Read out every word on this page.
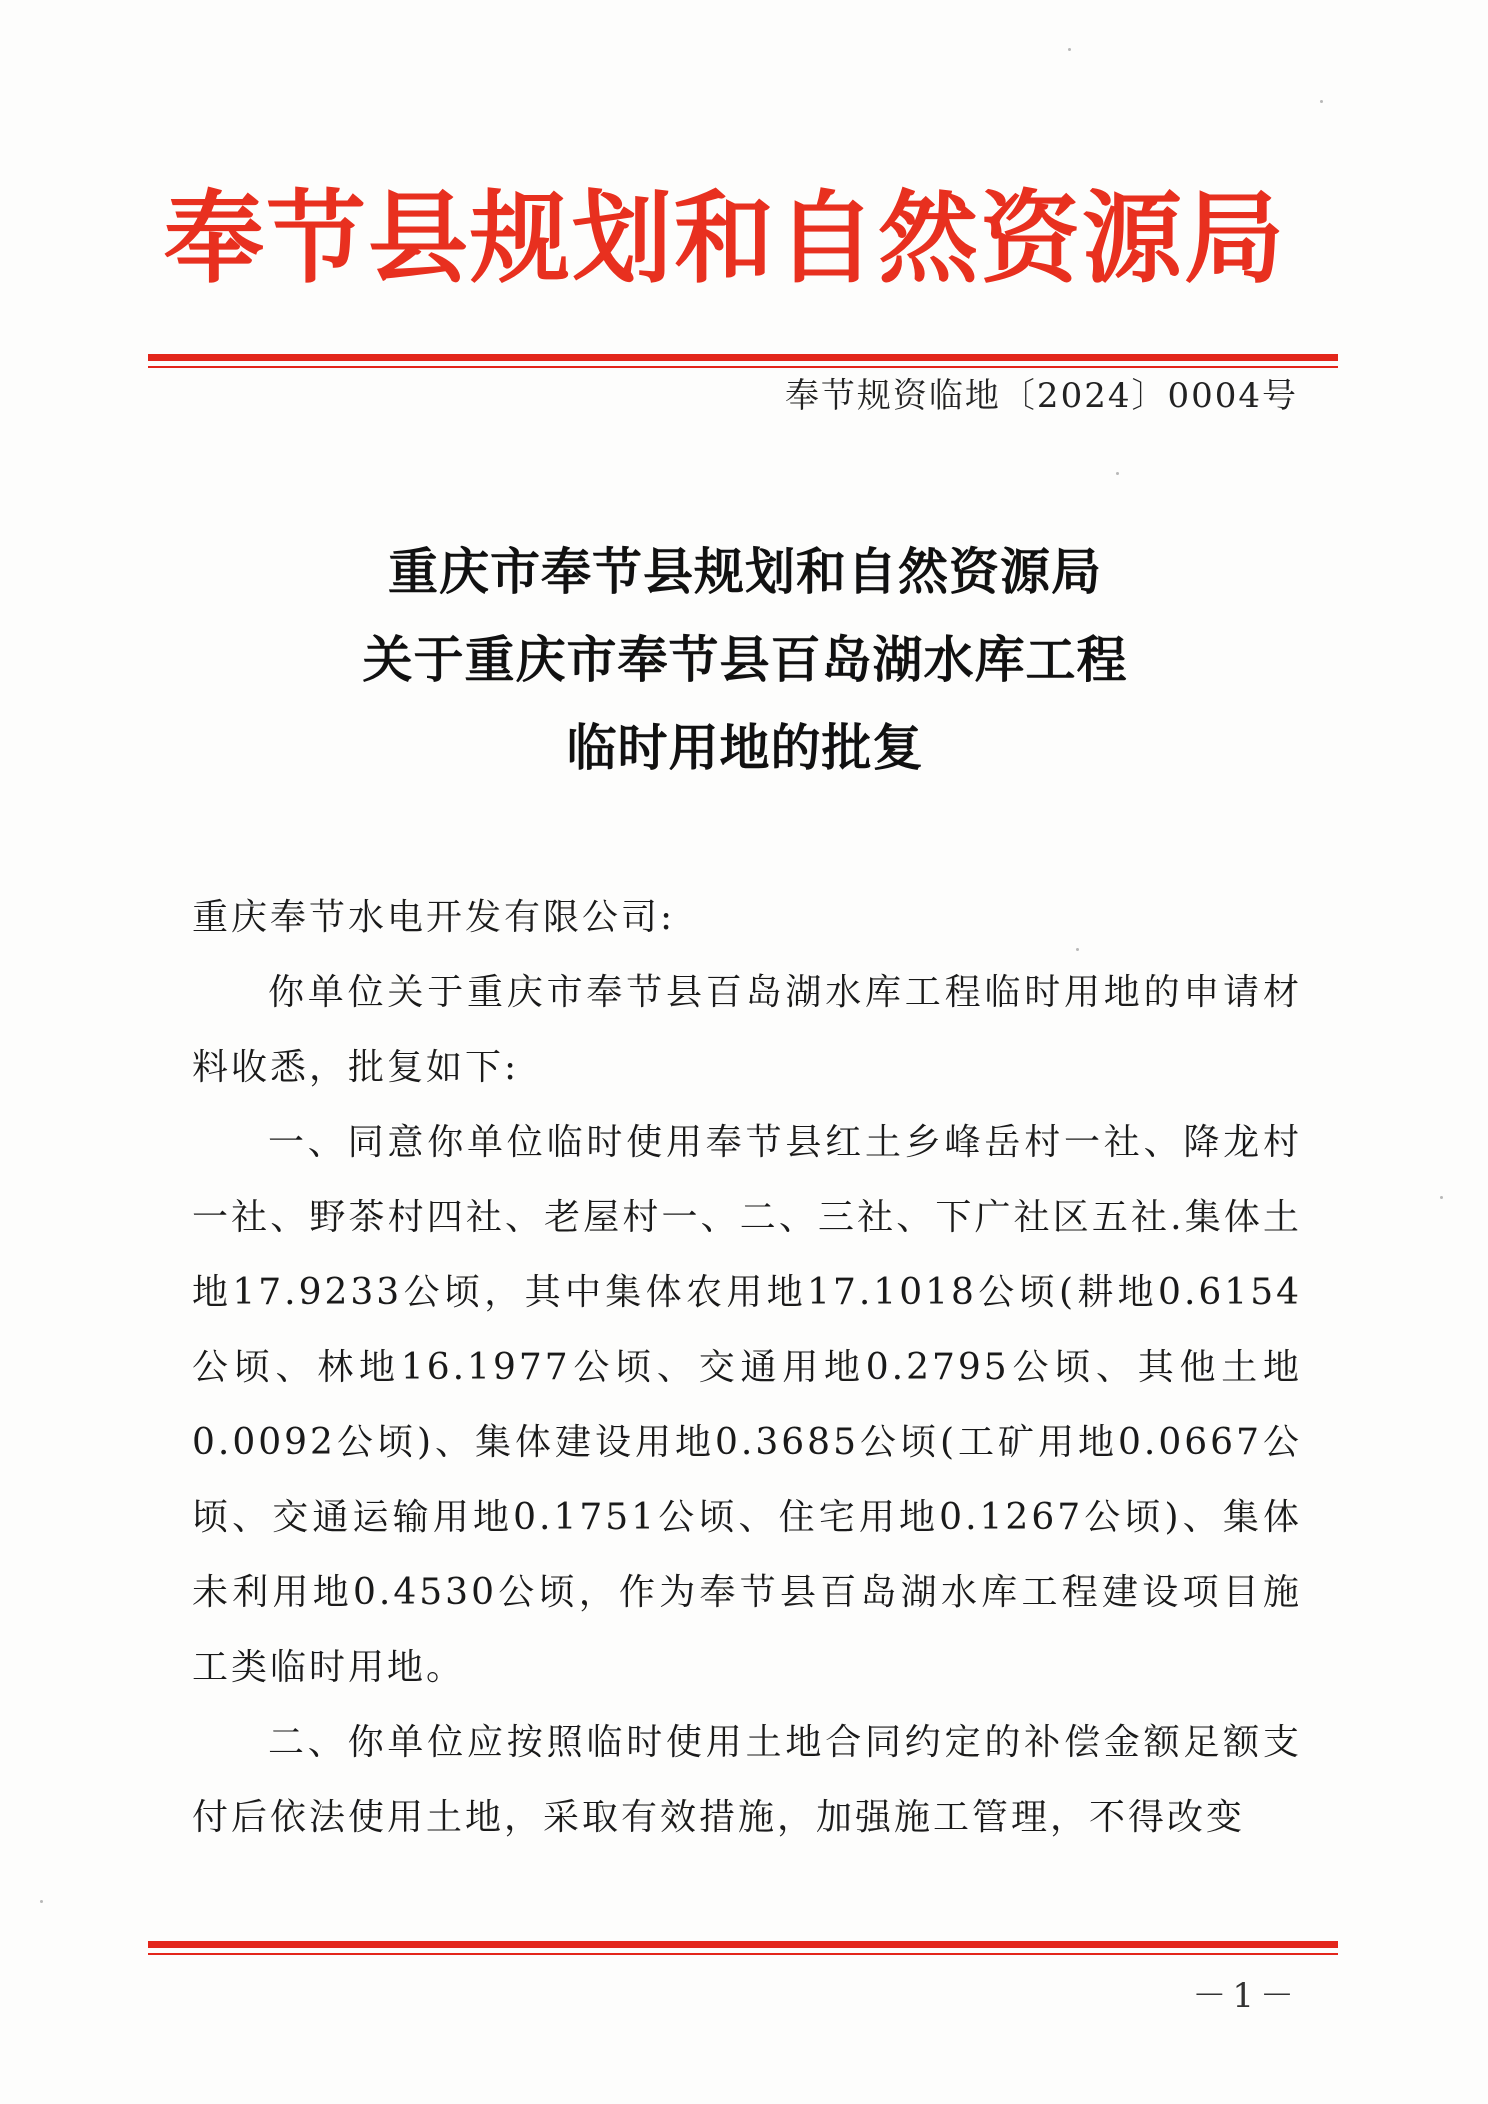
奉节县规划和自然资源局
奉节规资临地〔2024〕0004号
重庆市奉节县规划和自然资源局
关于重庆市奉节县百岛湖水库工程
临时用地的批复

重庆奉节水电开发有限公司:

你单位关于重庆市奉节县百岛湖水库工程临时用地的申请材料收悉，批复如下:

一、同意你单位临时使用奉节县红土乡峰岳村一社、降龙村一社、野茶村四社、老屋村一、二、三社、下广社区五社.集体土地17.9233公顷，其中集体农用地17.1018公顷(耕地0.6154公顷、林地16.1977公顷、交通用地0.2795公顷、其他土地0.0092公顷)、集体建设用地0.3685公顷(工矿用地0.0667公顷、交通运输用地0.1751公顷、住宅用地0.1267公顷)、集体未利用地0.4530公顷，作为奉节县百岛湖水库工程建设项目施工类临时用地。

二、你单位应按照临时使用土地合同约定的补偿金额足额支付后依法使用土地，采取有效措施，加强施工管理，不得改变

－1－
